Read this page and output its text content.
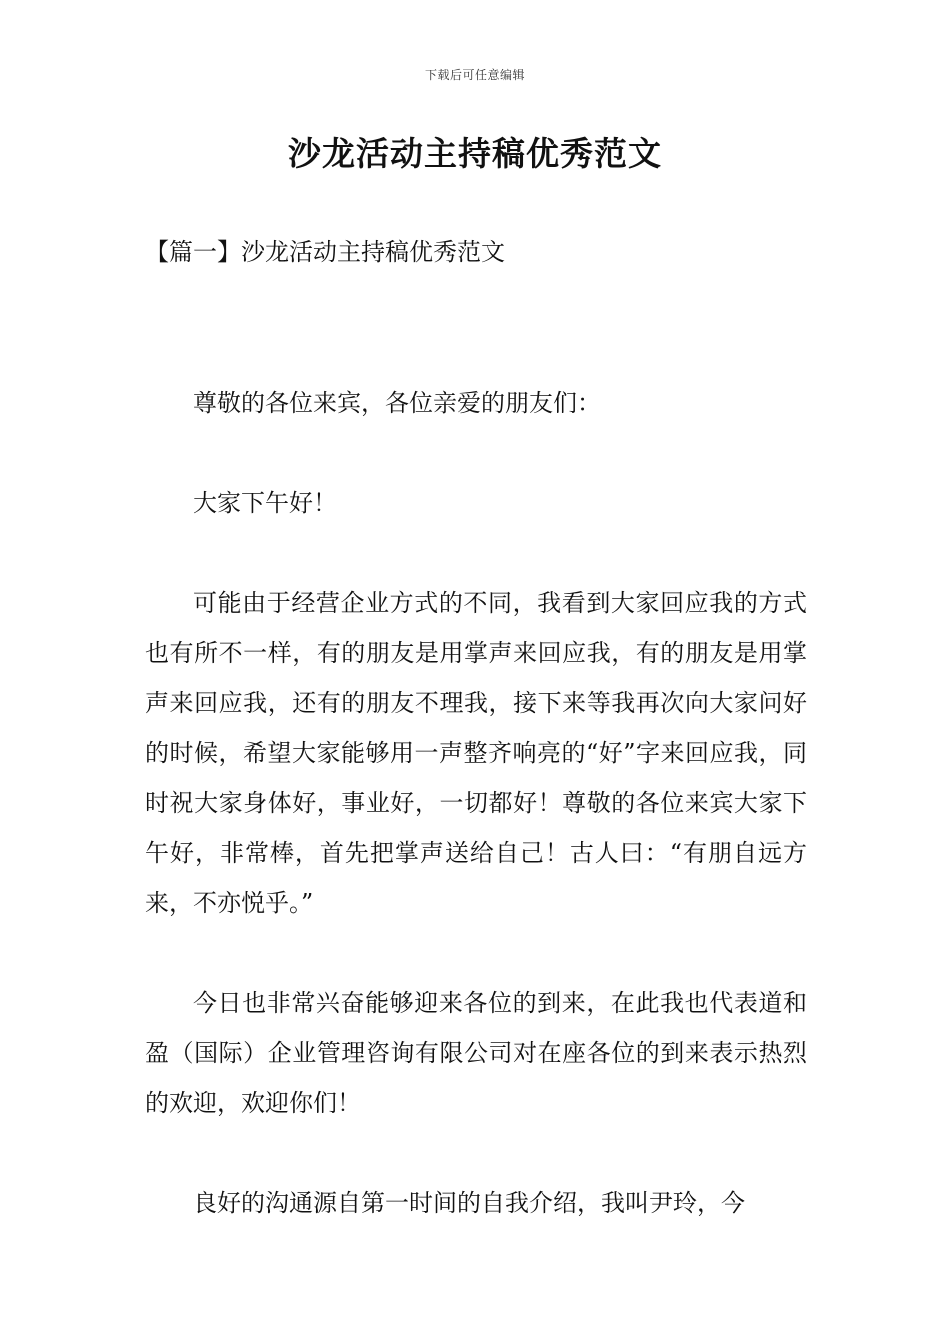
下载后可任意编辑
沙龙活动主持稿优秀范文
【篇一】沙龙活动主持稿优秀范文

尊敬的各位来宾，各位亲爱的朋友们：

大家下午好！

可能由于经营企业方式的不同，我看到大家回应我的方式也有所不一样，有的朋友是用掌声来回应我，有的朋友是用掌声来回应我，还有的朋友不理我，接下来等我再次向大家问好的时候，希望大家能够用一声整齐响亮的“好”字来回应我，同时祝大家身体好，事业好，一切都好！尊敬的各位来宾大家下午好，非常棒，首先把掌声送给自己！古人曰：“有朋自远方来，不亦悦乎。”

今日也非常兴奋能够迎来各位的到来，在此我也代表道和盈（国际）企业管理咨询有限公司对在座各位的到来表示热烈的欢迎，欢迎你们！

良好的沟通源自第一时间的自我介绍，我叫尹玲，今
